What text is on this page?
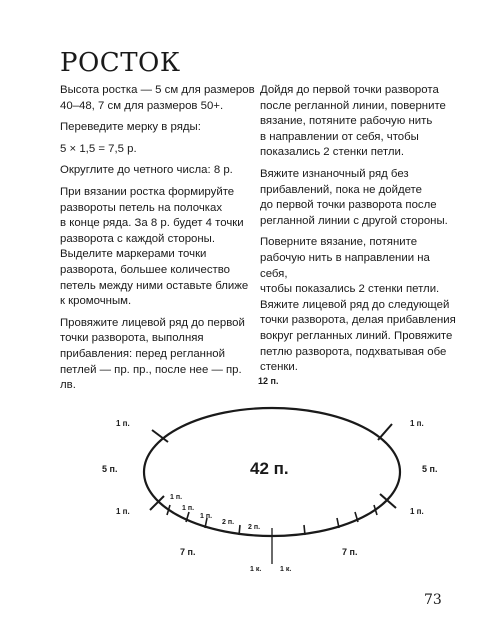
РОСТОК

Высота ростка — 5 см для размеров
40–48, 7 см для размеров 50+.

Переведите мерку в ряды:

5 × 1,5 = 7,5 р.

Округлите до четного числа: 8 р.

При вязании ростка формируйте
развороты петель на полочках
в конце ряда. За 8 р. будет 4 точки
разворота с каждой стороны.
Выделите маркерами точки
разворота, большее количество
петель между ними оставьте ближе
к кромочным.

Провяжите лицевой ряд до первой
точки разворота, выполняя
прибавления: перед регланной
петлей — пр. пр., после нее — пр. лв.

Дойдя до первой точки разворота
после регланной линии, поверните
вязание, потяните рабочую нить
в направлении от себя, чтобы
показались 2 стенки петли.

Вяжите изнаночный ряд без
прибавлений, пока не дойдете
до первой точки разворота после
регланной линии с другой стороны.

Поверните вязание, потяните
рабочую нить в направлении на себя,
чтобы показались 2 стенки петли.
Вяжите лицевой ряд до следующей
точки разворота, делая прибавления
вокруг регланных линий. Провяжите
петлю разворота, подхватывая обе
стенки.

12 п.
1 п.	1 п.
5 п.	5 п.
42 п.
1 п.	1 п.
1 п.
1 п.
1 п.
2 п.
2 п.
7 п.	7 п.
1 к.	1 к.
73
